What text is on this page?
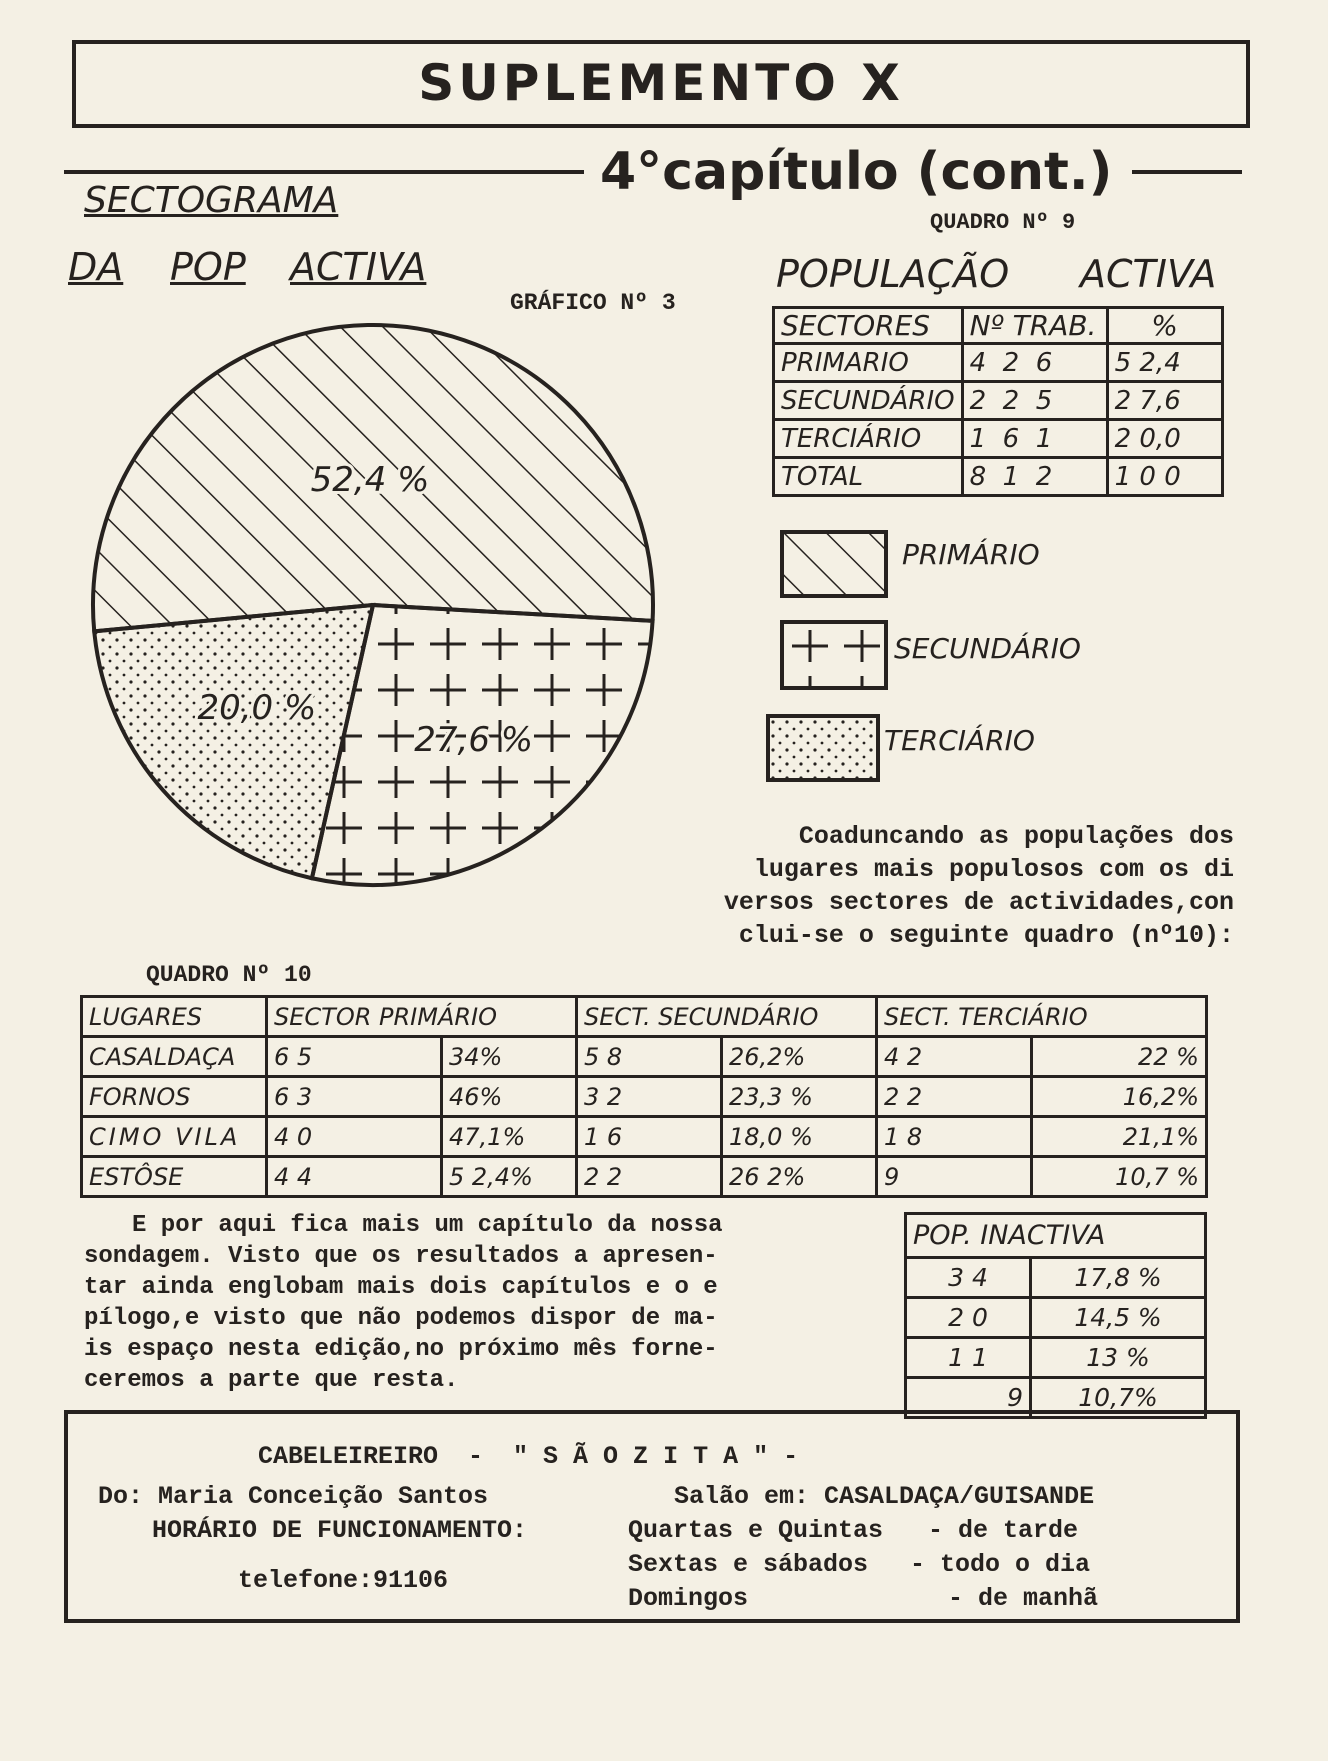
SUPLEMENTO X
4°capítulo (cont.)
SECTOGRAMA
DA POP ACTIVA
GRÁFICO Nº 3
QUADRO Nº 9
POPULAÇÃO ACTIVA
52,4 %
27,6 %
20,0 %
SECTORES	Nº TRAB.	%
PRIMARIO	4  2  6	5 2,4
SECUNDÁRIO	2  2  5	2 7,6
TERCIÁRIO	1  6  1	2 0,0
TOTAL	8  1  2	1 0 0
PRIMÁRIO
SECUNDÁRIO
TERCIÁRIO
Coaduncando as populações dos
lugares mais populosos com os di
versos sectores de actividades,con
clui-se o seguinte quadro (nº10):
QUADRO Nº 10
LUGARES	SECTOR PRIMÁRIO		SECT. SECUNDÁRIO		SECT. TERCIÁRIO	
CASALDAÇA	6 5	34%	5 8	26,2%	4 2	22 %
FORNOS	6 3	46%	3 2	23,3 %	2 2	16,2%
CIMO VILA	4 0	47,1%	1 6	18,0 %	1 8	21,1%
ESTÔSE	4 4	5 2,4%	2 2	26 2%	9	10,7 %
E por aqui fica mais um capítulo da nossa
sondagem. Visto que os resultados a apresen-
tar ainda englobam mais dois capítulos e o e
pílogo,e visto que não podemos dispor de ma-
is espaço nesta edição,no próximo mês forne-
ceremos a parte que resta.
POP. INACTIVA	
3 4	17,8 %
2 0	14,5 %
1 1	13 %
9	10,7%
CABELEIREIRO  -  " S Ã O Z I T A " -
Do: Maria Conceição Santos	Salão em: CASALDAÇA/GUISANDE
HORÁRIO DE FUNCIONAMENTO:	Quartas e Quintas - de tarde
Sextas e sábados - todo o dia
Domingos	- de manhã
telefone:91106
